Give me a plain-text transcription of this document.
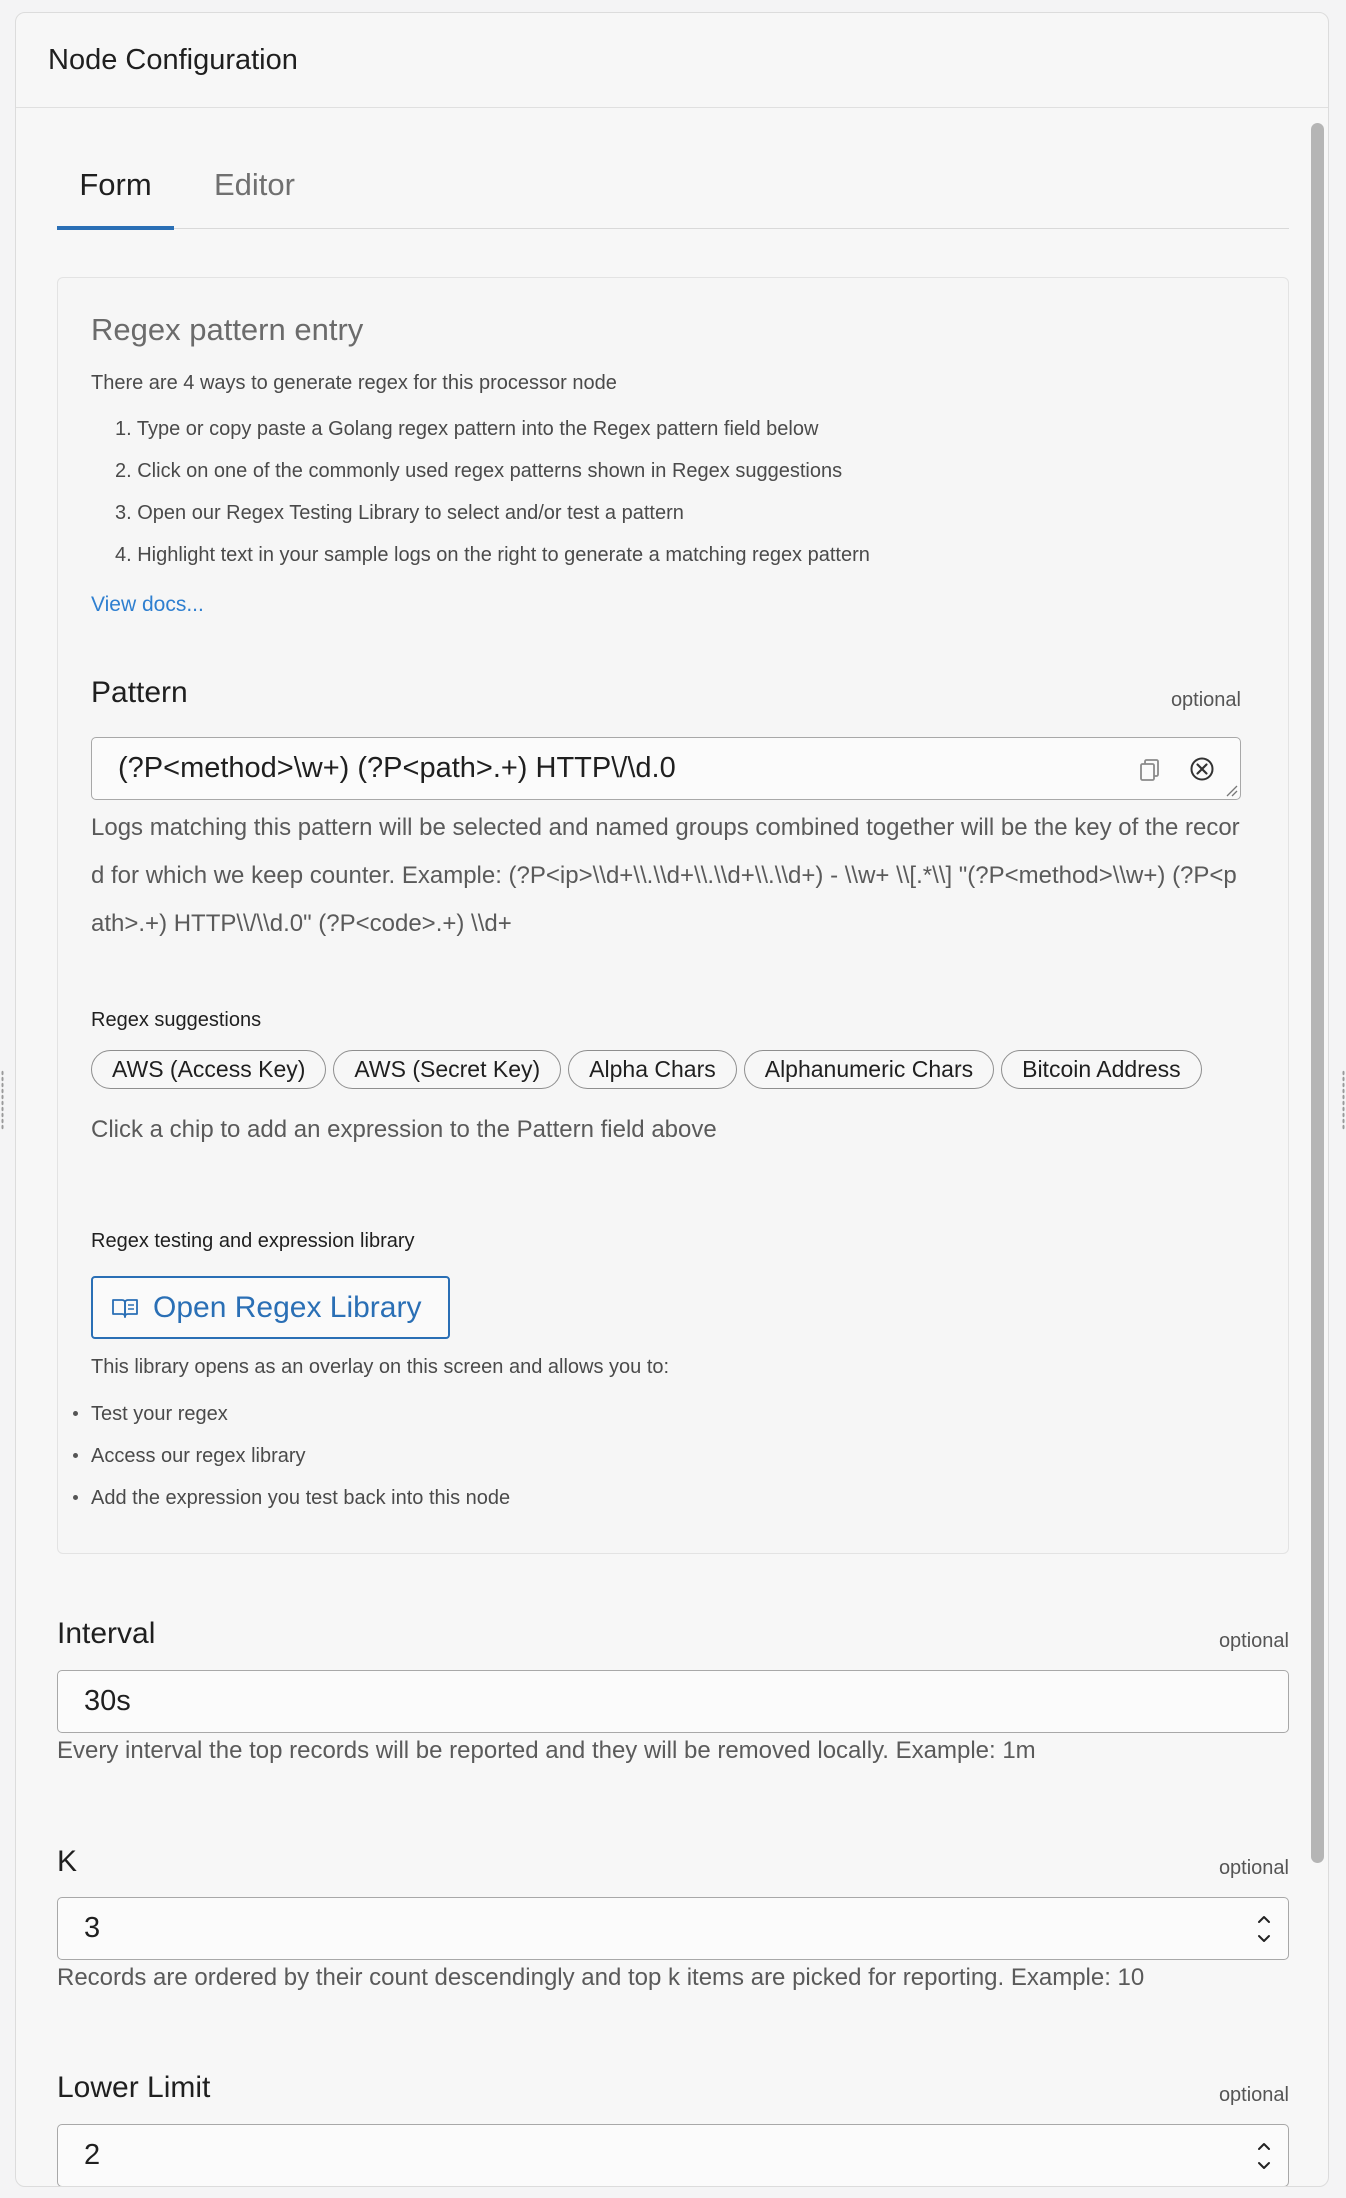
Node Configuration
Form	Editor
Regex pattern entry
There are 4 ways to generate regex for this processor node
1. Type or copy paste a Golang regex pattern into the Regex pattern field below
2. Click on one of the commonly used regex patterns shown in Regex suggestions
3. Open our Regex Testing Library to select and/or test a pattern
4. Highlight text in your sample logs on the right to generate a matching regex pattern
View docs...
Pattern	optional
(?P<method>\w+) (?P<path>.+) HTTP\/\d.0
Logs matching this pattern will be selected and named groups combined together will be the key of the record for which we keep counter. Example: (?P<ip>\\d+\\.\\d+\\.\\d+\\.\\d+) - \\w+ \\[.*\\] "(?P<method>\\w+) (?P<path>.+) HTTP\\/\\d.0" (?P<code>.+) \\d+
Regex suggestions
AWS (Access Key) AWS (Secret Key) Alpha Chars Alphanumeric Chars Bitcoin Address
Click a chip to add an expression to the Pattern field above
Regex testing and expression library
Open Regex Library
This library opens as an overlay on this screen and allows you to:
Test your regex
Access our regex library
Add the expression you test back into this node
Interval	optional
30s
Every interval the top records will be reported and they will be removed locally. Example: 1m
K	optional
3
Records are ordered by their count descendingly and top k items are picked for reporting. Example: 10
Lower Limit	optional
2
